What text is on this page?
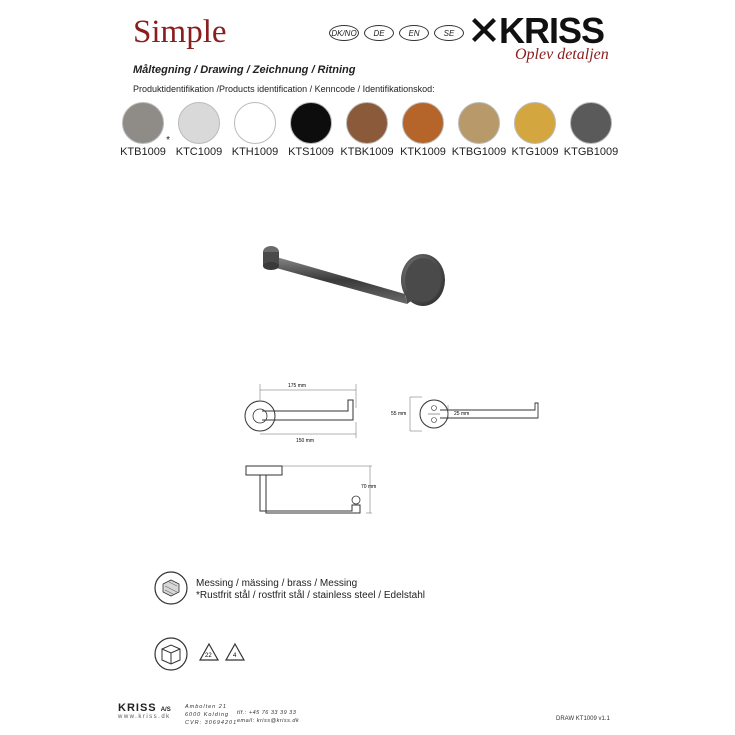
Simple	DK/NO	DE	EN	SE KRISS
Oplev detaljen
Måltegning / Drawing / Zeichnung / Ritning
Produktidentifikation /Products identification / Kenncode / Identifikationskod:
*
KTB1009 KTC1009 KTH1009 KTS1009 KTBK1009 KTK1009 KTBG1009 KTG1009 KTGB1009
175 mm
150 mm
55 mm	25 mm
70 mm
Messing / mässing / brass / Messing
*Rustfrit stål / rostfrit stål / stainless steel / Edelstahl
22	4
KRISS A/S
www.kriss.dk
Ambolten 21
6000 Kolding
CVR: 30694201
tlf.: +45 76 33 39 33
email: kriss@kriss.dk	DRAW KT1009 v1.1
